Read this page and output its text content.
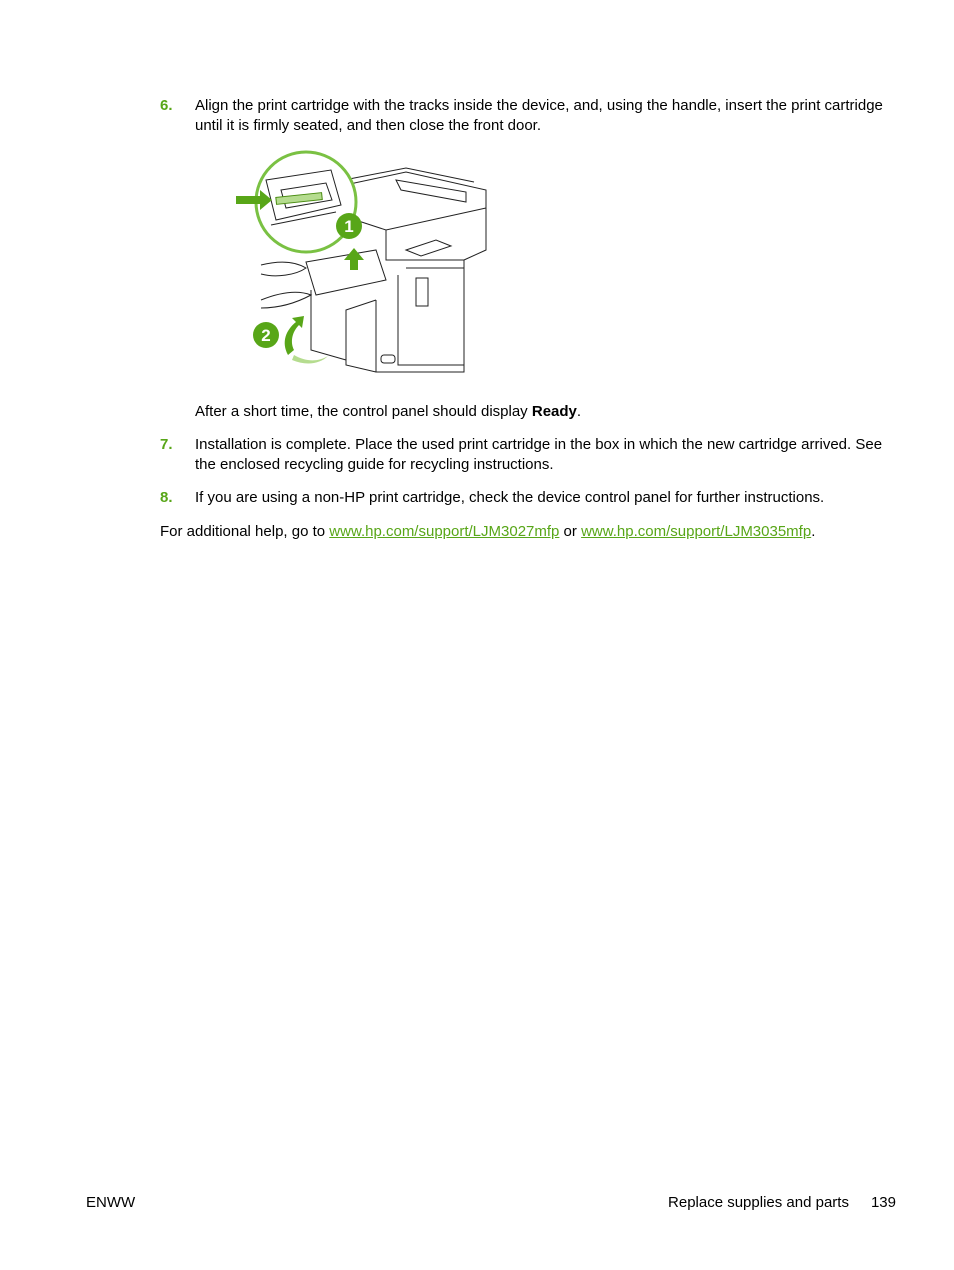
6.	Align the print cartridge with the tracks inside the device, and, using the handle, insert the print cartridge until it is firmly seated, and then close the front door.
1
2
After a short time, the control panel should display Ready.
7.	Installation is complete. Place the used print cartridge in the box in which the new cartridge arrived. See the enclosed recycling guide for recycling instructions.
8.	If you are using a non-HP print cartridge, check the device control panel for further instructions.
For additional help, go to www.hp.com/support/LJM3027mfp or www.hp.com/support/LJM3035mfp.
ENWW	Replace supplies and parts 139
